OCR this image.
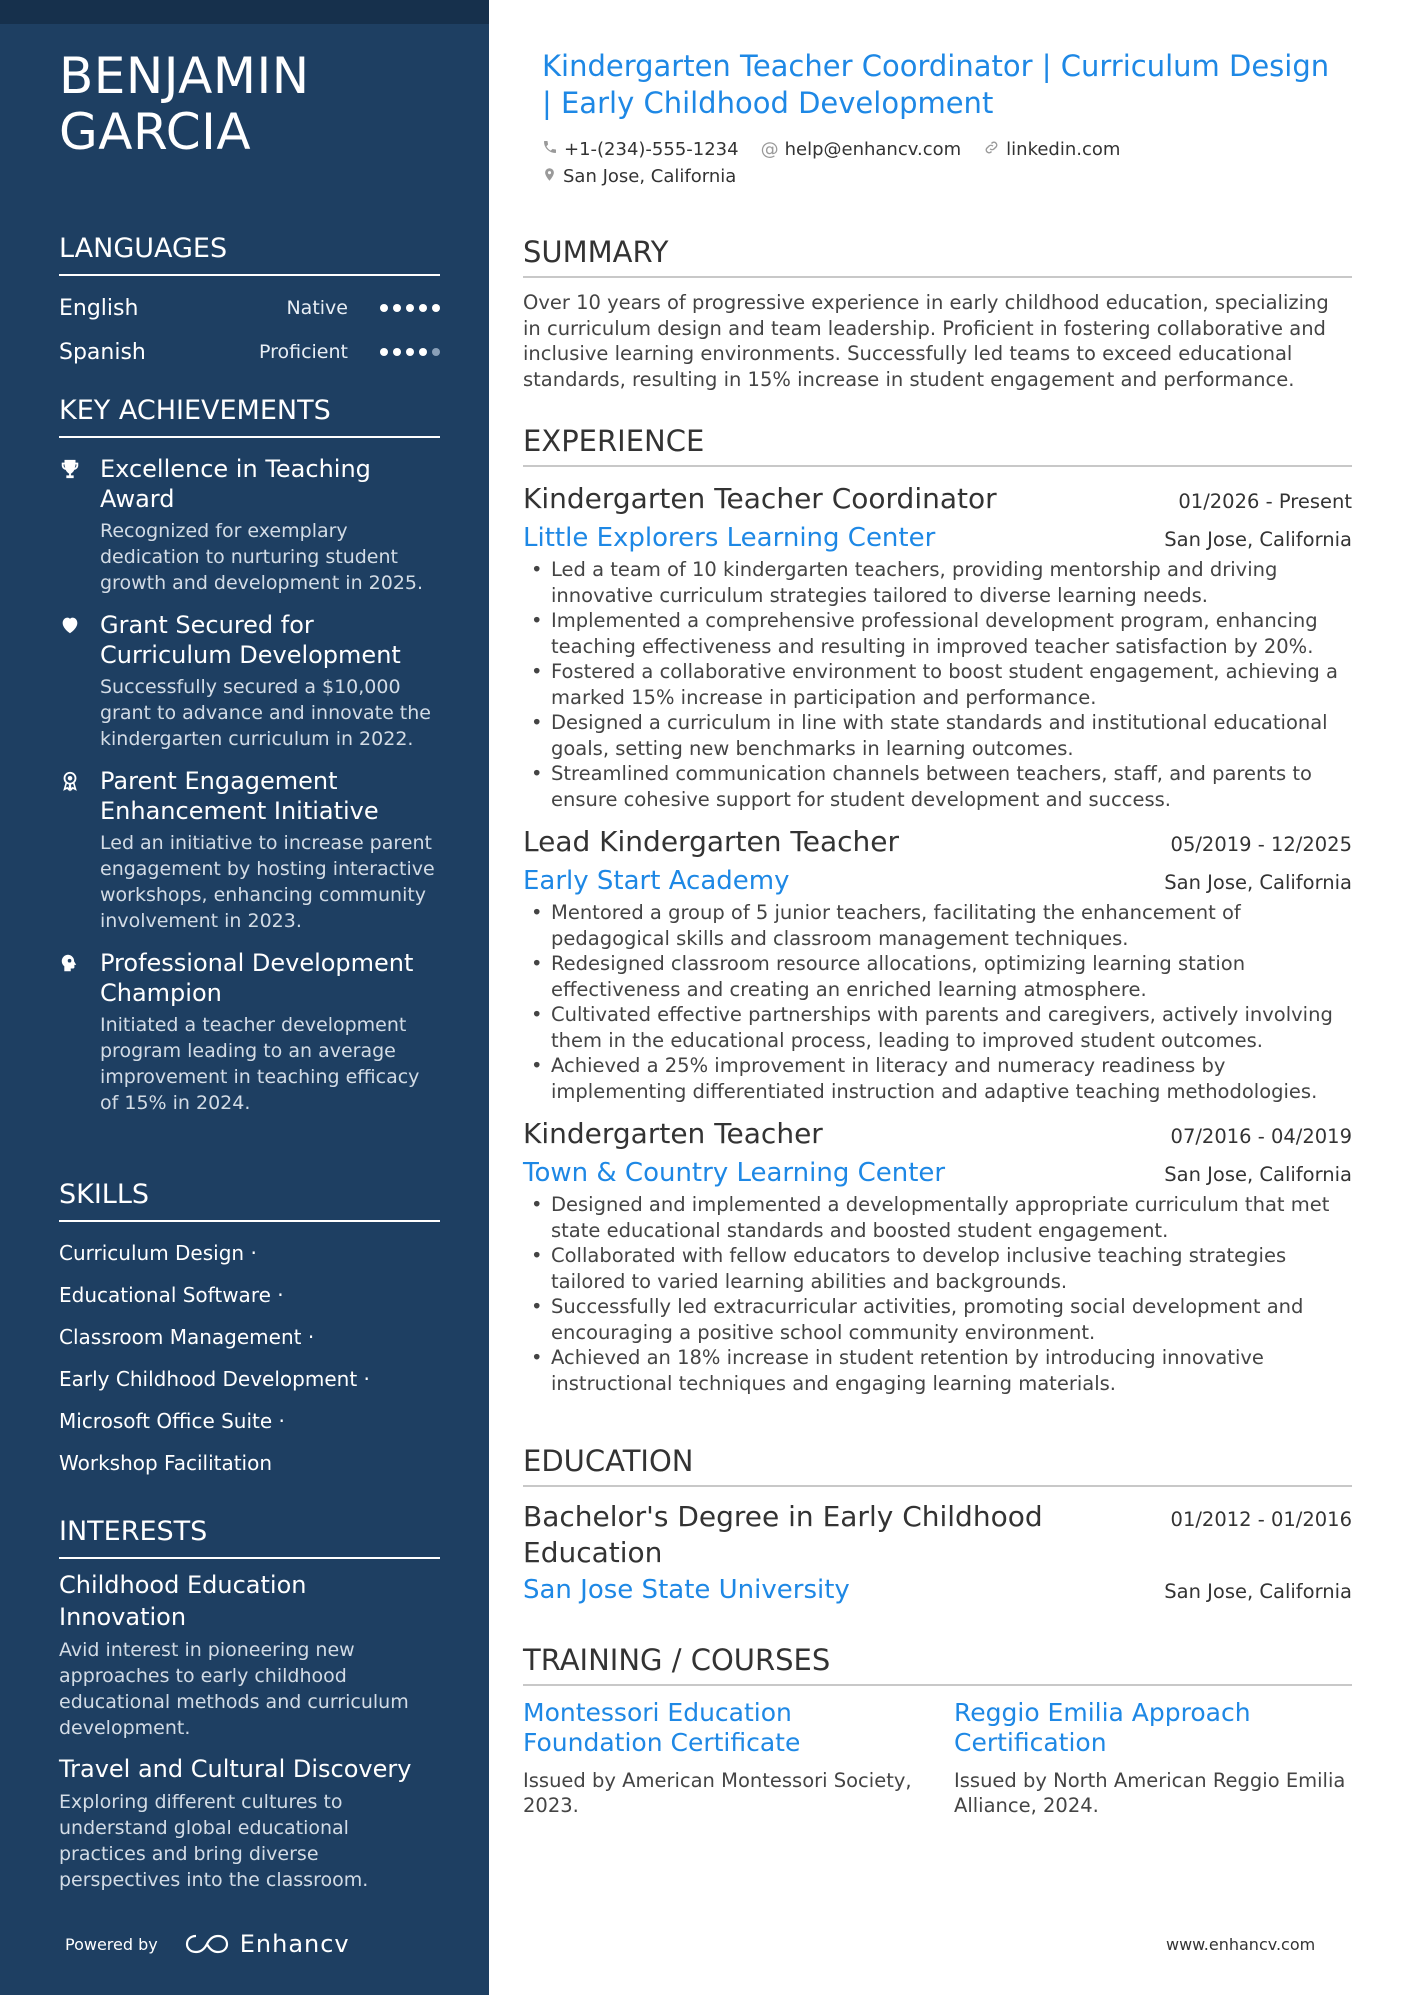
BENJAMIN GARCIA
LANGUAGES
English	Native
Spanish	Proficient
KEY ACHIEVEMENTS
Excellence in Teaching Award
Recognized for exemplary dedication to nurturing student growth and development in 2025.
Grant Secured for Curriculum Development
Successfully secured a $10,000 grant to advance and innovate the kindergarten curriculum in 2022.
Parent Engagement Enhancement Initiative
Led an initiative to increase parent engagement by hosting interactive workshops, enhancing community involvement in 2023.
Professional Development Champion
Initiated a teacher development program leading to an average improvement in teaching efficacy of 15% in 2024.
SKILLS
Curriculum Design ·
Educational Software ·
Classroom Management ·
Early Childhood Development ·
Microsoft Office Suite ·
Workshop Facilitation
INTERESTS
Childhood Education Innovation
Avid interest in pioneering new approaches to early childhood educational methods and curriculum development.
Travel and Cultural Discovery
Exploring different cultures to understand global educational practices and bring diverse perspectives into the classroom.
Powered by	Enhancv
Kindergarten Teacher Coordinator | Curriculum Design | Early Childhood Development
+1-(234)-555-1234 @ help@enhancv.com	linkedin.com
San Jose, California
SUMMARY
Over 10 years of progressive experience in early childhood education, specializing in curriculum design and team leadership. Proficient in fostering collaborative and inclusive learning environments. Successfully led teams to exceed educational standards, resulting in 15% increase in student engagement and performance.
EXPERIENCE
Kindergarten Teacher Coordinator	01/2026 - Present
Little Explorers Learning Center	San Jose, California
• Led a team of 10 kindergarten teachers, providing mentorship and driving innovative curriculum strategies tailored to diverse learning needs.
• Implemented a comprehensive professional development program, enhancing teaching effectiveness and resulting in improved teacher satisfaction by 20%.
• Fostered a collaborative environment to boost student engagement, achieving a marked 15% increase in participation and performance.
• Designed a curriculum in line with state standards and institutional educational goals, setting new benchmarks in learning outcomes.
• Streamlined communication channels between teachers, staff, and parents to ensure cohesive support for student development and success.
Lead Kindergarten Teacher	05/2019 - 12/2025
Early Start Academy	San Jose, California
• Mentored a group of 5 junior teachers, facilitating the enhancement of pedagogical skills and classroom management techniques.
• Redesigned classroom resource allocations, optimizing learning station effectiveness and creating an enriched learning atmosphere.
• Cultivated effective partnerships with parents and caregivers, actively involving them in the educational process, leading to improved student outcomes.
• Achieved a 25% improvement in literacy and numeracy readiness by implementing differentiated instruction and adaptive teaching methodologies.
Kindergarten Teacher	07/2016 - 04/2019
Town & Country Learning Center	San Jose, California
• Designed and implemented a developmentally appropriate curriculum that met state educational standards and boosted student engagement.
• Collaborated with fellow educators to develop inclusive teaching strategies tailored to varied learning abilities and backgrounds.
• Successfully led extracurricular activities, promoting social development and encouraging a positive school community environment.
• Achieved an 18% increase in student retention by introducing innovative instructional techniques and engaging learning materials.
EDUCATION
Bachelor's Degree in Early Childhood Education
01/2012 - 01/2016
San Jose State University	San Jose, California
TRAINING / COURSES
Montessori Education Foundation Certificate
Issued by American Montessori Society, 2023.
Reggio Emilia Approach Certification
Issued by North American Reggio Emilia Alliance, 2024.
www.enhancv.com
